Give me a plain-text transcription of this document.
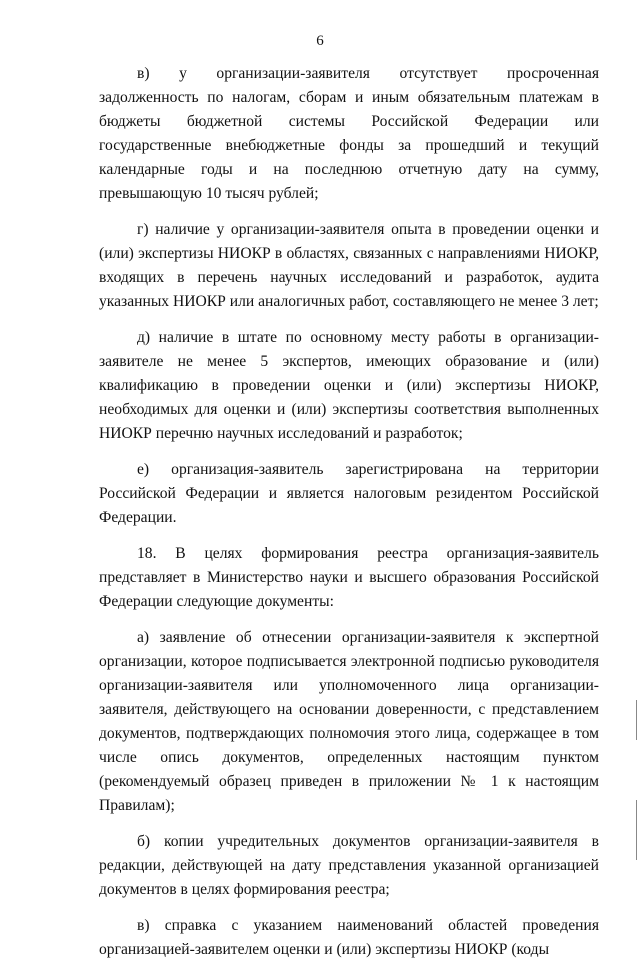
6

в) у организации-заявителя отсутствует просроченная задолженность по налогам, сборам и иным обязательным платежам в бюджеты бюджетной системы Российской Федерации или государственные внебюджетные фонды за прошедший и текущий календарные годы и на последнюю отчетную дату на сумму, превышающую 10 тысяч рублей;

г) наличие у организации-заявителя опыта в проведении оценки и (или) экспертизы НИОКР в областях, связанных с направлениями НИОКР, входящих в перечень научных исследований и разработок, аудита указанных НИОКР или аналогичных работ, составляющего не менее 3 лет;

д) наличие в штате по основному месту работы в организации-заявителе не менее 5 экспертов, имеющих образование и (или) квалификацию в проведении оценки и (или) экспертизы НИОКР, необходимых для оценки и (или) экспертизы соответствия выполненных НИОКР перечню научных исследований и разработок;

е) организация-заявитель зарегистрирована на территории Российской Федерации и является налоговым резидентом Российской Федерации.

18. В целях формирования реестра организация-заявитель представляет в Министерство науки и высшего образования Российской Федерации следующие документы:

а) заявление об отнесении организации-заявителя к экспертной организации, которое подписывается электронной подписью руководителя организации-заявителя или уполномоченного лица организации-заявителя, действующего на основании доверенности, с представлением документов, подтверждающих полномочия этого лица, содержащее в том числе опись документов, определенных настоящим пунктом (рекомендуемый образец приведен в приложении № 1 к настоящим Правилам);

б) копии учредительных документов организации-заявителя в редакции, действующей на дату представления указанной организацией документов в целях формирования реестра;

в) справка с указанием наименований областей проведения организацией-заявителем оценки и (или) экспертизы НИОКР (коды
